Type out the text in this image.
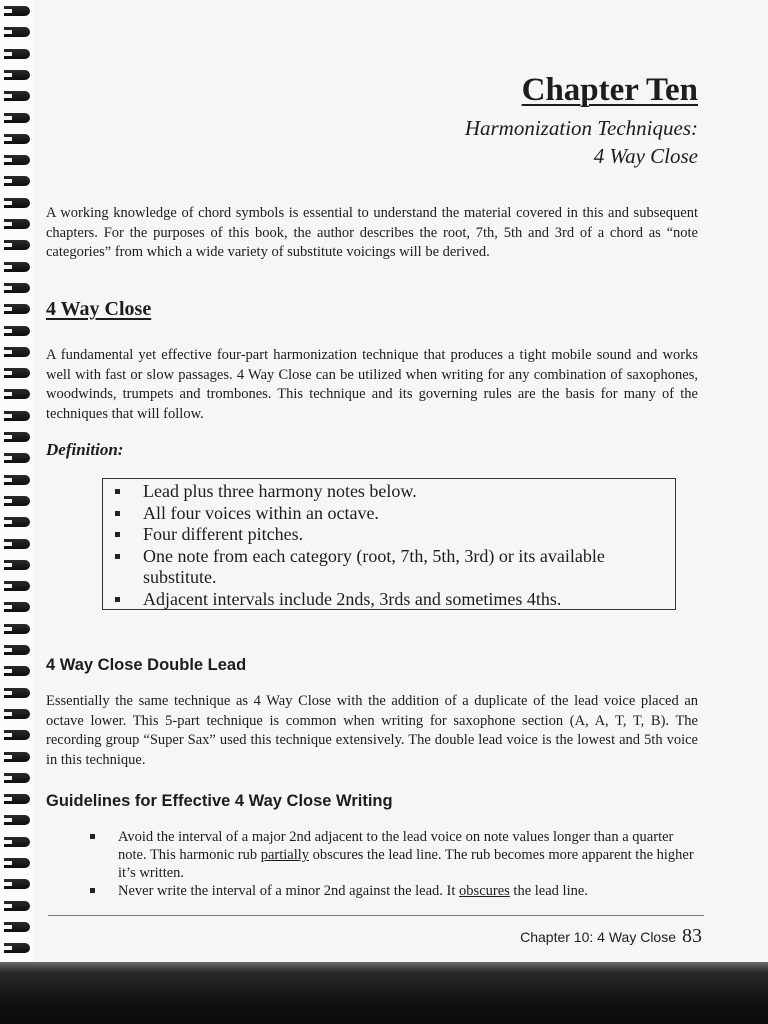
Chapter Ten
Harmonization Techniques:
4 Way Close

A working knowledge of chord symbols is essential to understand the material covered in this and subsequent chapters. For the purposes of this book, the author describes the root, 7th, 5th and 3rd of a chord as “note categories” from which a wide variety of substitute voicings will be derived.

4 Way Close

A fundamental yet effective four-part harmonization technique that produces a tight mobile sound and works well with fast or slow passages. 4 Way Close can be utilized when writing for any combination of saxophones, woodwinds, trumpets and trombones. This technique and its governing rules are the basis for many of the techniques that will follow.

Definition:
Lead plus three harmony notes below.
All four voices within an octave.
Four different pitches.
One note from each category (root, 7th, 5th, 3rd) or its available substitute.
Adjacent intervals include 2nds, 3rds and sometimes 4ths.
4 Way Close Double Lead

Essentially the same technique as 4 Way Close with the addition of a duplicate of the lead voice placed an octave lower. This 5-part technique is common when writing for saxophone section (A, A, T, T, B). The recording group “Super Sax” used this technique extensively. The double lead voice is the lowest and 5th voice in this technique.

Guidelines for Effective 4 Way Close Writing
Avoid the interval of a major 2nd adjacent to the lead voice on note values longer than a quarter note. This harmonic rub partially obscures the lead line. The rub becomes more apparent the higher it’s written.
Never write the interval of a minor 2nd against the lead. It obscures the lead line.
Chapter 10: 4 Way Close 83
